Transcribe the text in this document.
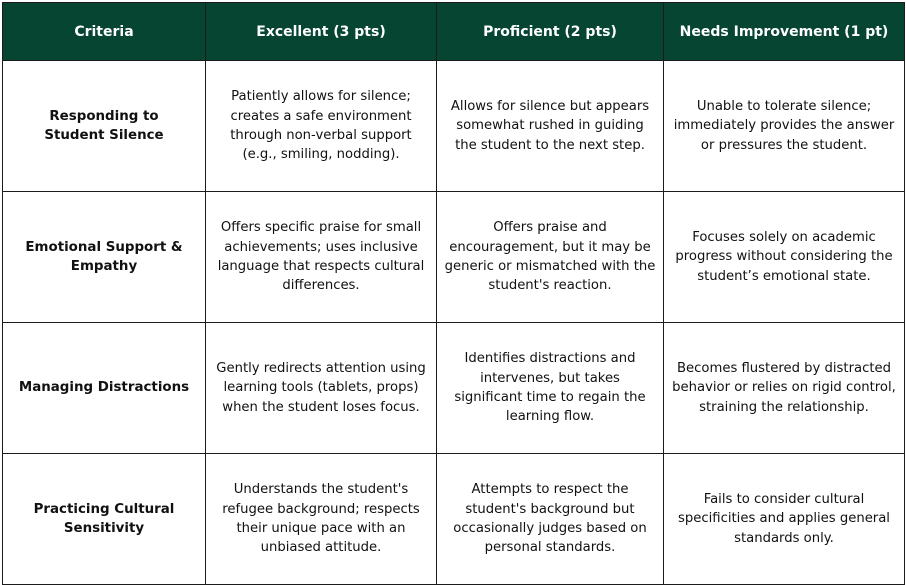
Criteria	Excellent (3 pts)	Proficient (2 pts)	Needs Improvement (1 pt)
Responding to Student Silence	Patiently allows for silence; creates a safe environment through non-verbal support (e.g., smiling, nodding).	Allows for silence but appears somewhat rushed in guiding the student to the next step.	Unable to tolerate silence; immediately provides the answer or pressures the student.
Emotional Support & Empathy	Offers specific praise for small achievements; uses inclusive language that respects cultural differences.	Offers praise and encouragement, but it may be generic or mismatched with the student's reaction.	Focuses solely on academic progress without considering the student’s emotional state.
Managing Distractions	Gently redirects attention using learning tools (tablets, props) when the student loses focus.	Identifies distractions and intervenes, but takes significant time to regain the learning flow.	Becomes flustered by distracted behavior or relies on rigid control, straining the relationship.
Practicing Cultural Sensitivity	Understands the student's refugee background; respects their unique pace with an unbiased attitude.	Attempts to respect the student's background but occasionally judges based on personal standards.	Fails to consider cultural specificities and applies general standards only.
